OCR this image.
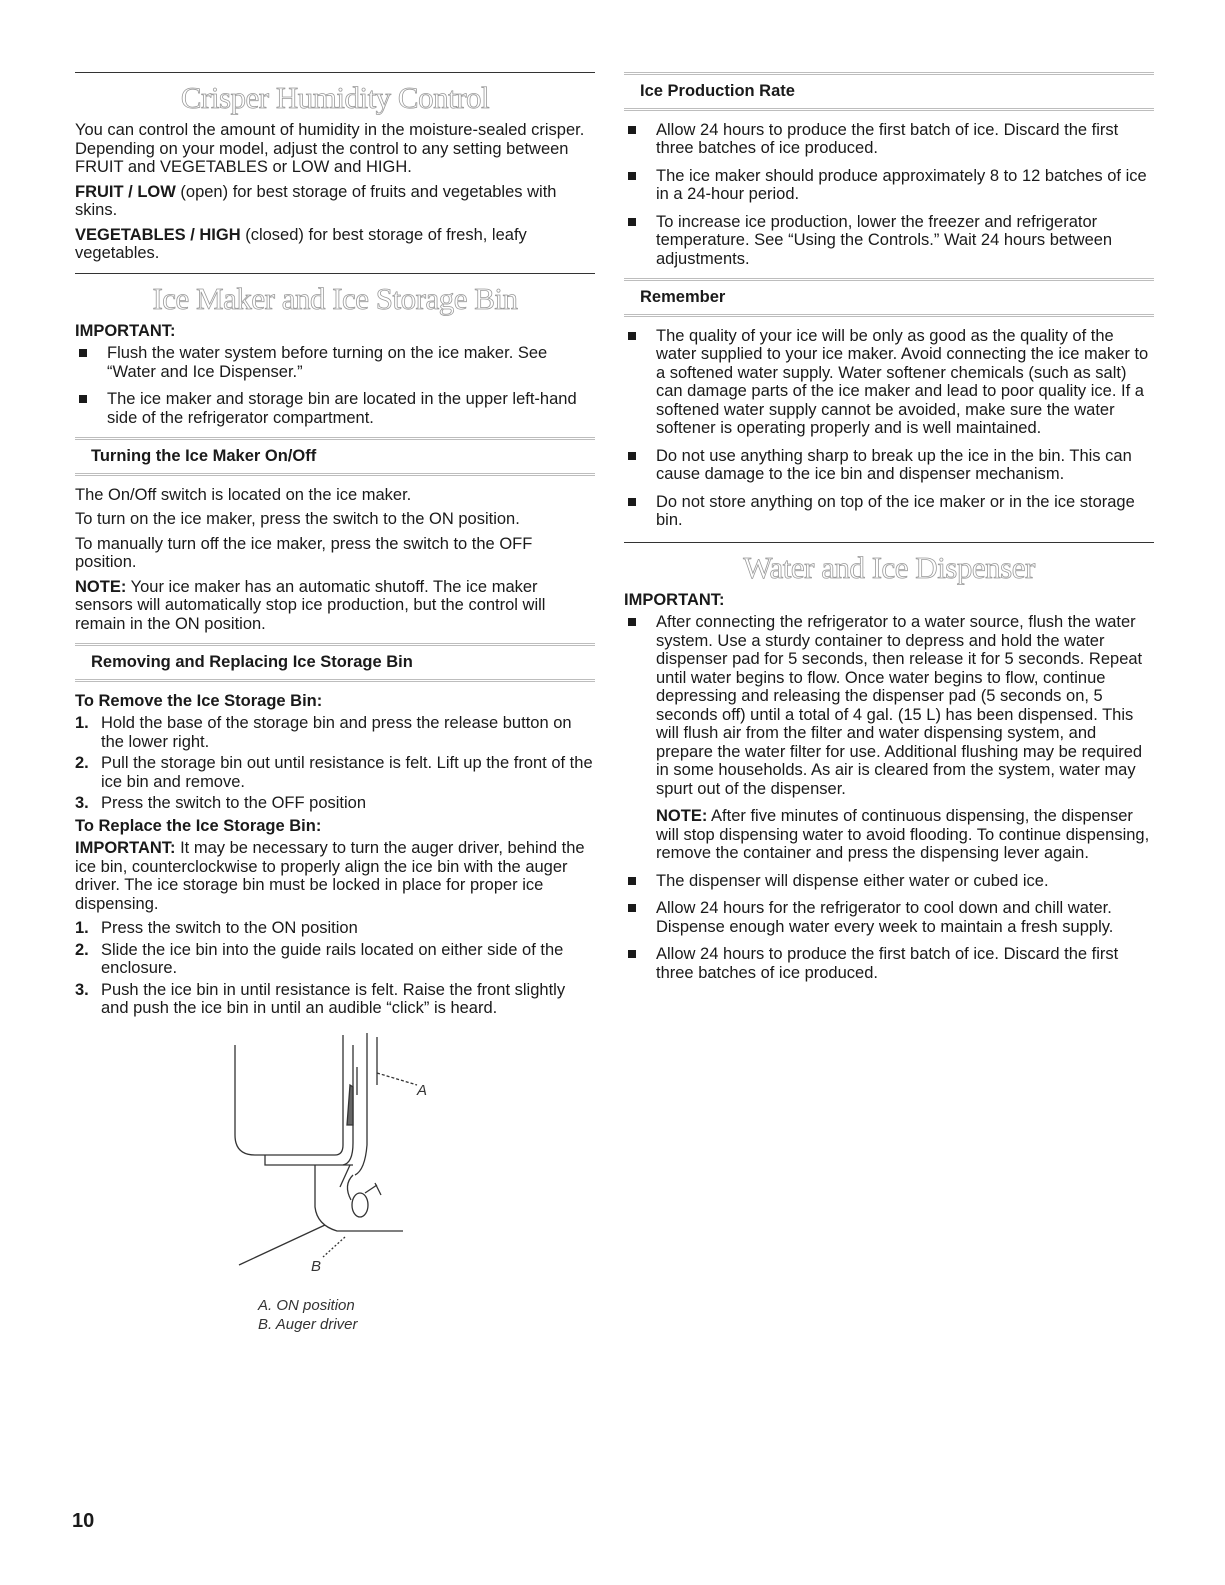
Crisper Humidity Control

You can control the amount of humidity in the moisture-sealed crisper. Depending on your model, adjust the control to any setting between FRUIT and VEGETABLES or LOW and HIGH.

FRUIT / LOW (open) for best storage of fruits and vegetables with skins.

VEGETABLES / HIGH (closed) for best storage of fresh, leafy vegetables.

Ice Maker and Ice Storage Bin
IMPORTANT:
Flush the water system before turning on the ice maker. See “Water and Ice Dispenser.”
The ice maker and storage bin are located in the upper left-hand side of the refrigerator compartment.
Turning the Ice Maker On/Off

The On/Off switch is located on the ice maker.

To turn on the ice maker, press the switch to the ON position.

To manually turn off the ice maker, press the switch to the OFF position.

NOTE: Your ice maker has an automatic shutoff. The ice maker sensors will automatically stop ice production, but the control will remain in the ON position.

Removing and Replacing Ice Storage Bin
To Remove the Ice Storage Bin:
1. Hold the base of the storage bin and press the release button on the lower right.
2. Pull the storage bin out until resistance is felt. Lift up the front of the ice bin and remove.
3. Press the switch to the OFF position
To Replace the Ice Storage Bin:

IMPORTANT: It may be necessary to turn the auger driver, behind the ice bin, counterclockwise to properly align the ice bin with the auger driver. The ice storage bin must be locked in place for proper ice dispensing.

1. Press the switch to the ON position
2. Slide the ice bin into the guide rails located on either side of the enclosure.
3. Push the ice bin in until resistance is felt. Raise the front slightly and push the ice bin in until an audible “click” is heard.
A
B
A. ON position
B. Auger driver
Ice Production Rate
Allow 24 hours to produce the first batch of ice. Discard the first three batches of ice produced.
The ice maker should produce approximately 8 to 12 batches of ice in a 24-hour period.
To increase ice production, lower the freezer and refrigerator temperature. See “Using the Controls.” Wait 24 hours between adjustments.
Remember
The quality of your ice will be only as good as the quality of the water supplied to your ice maker. Avoid connecting the ice maker to a softened water supply. Water softener chemicals (such as salt) can damage parts of the ice maker and lead to poor quality ice. If a softened water supply cannot be avoided, make sure the water softener is operating properly and is well maintained.
Do not use anything sharp to break up the ice in the bin. This can cause damage to the ice bin and dispenser mechanism.
Do not store anything on top of the ice maker or in the ice storage bin.
Water and Ice Dispenser
IMPORTANT:
After connecting the refrigerator to a water source, flush the water system. Use a sturdy container to depress and hold the water dispenser pad for 5 seconds, then release it for 5 seconds. Repeat until water begins to flow. Once water begins to flow, continue depressing and releasing the dispenser pad (5 seconds on, 5 seconds off) until a total of 4 gal. (15 L) has been dispensed. This will flush air from the filter and water dispensing system, and prepare the water filter for use. Additional flushing may be required in some households. As air is cleared from the system, water may spurt out of the dispenser.
NOTE: After five minutes of continuous dispensing, the dispenser will stop dispensing water to avoid flooding. To continue dispensing, remove the container and press the dispensing lever again.
The dispenser will dispense either water or cubed ice.
Allow 24 hours for the refrigerator to cool down and chill water. Dispense enough water every week to maintain a fresh supply.
Allow 24 hours to produce the first batch of ice. Discard the first three batches of ice produced.
10
